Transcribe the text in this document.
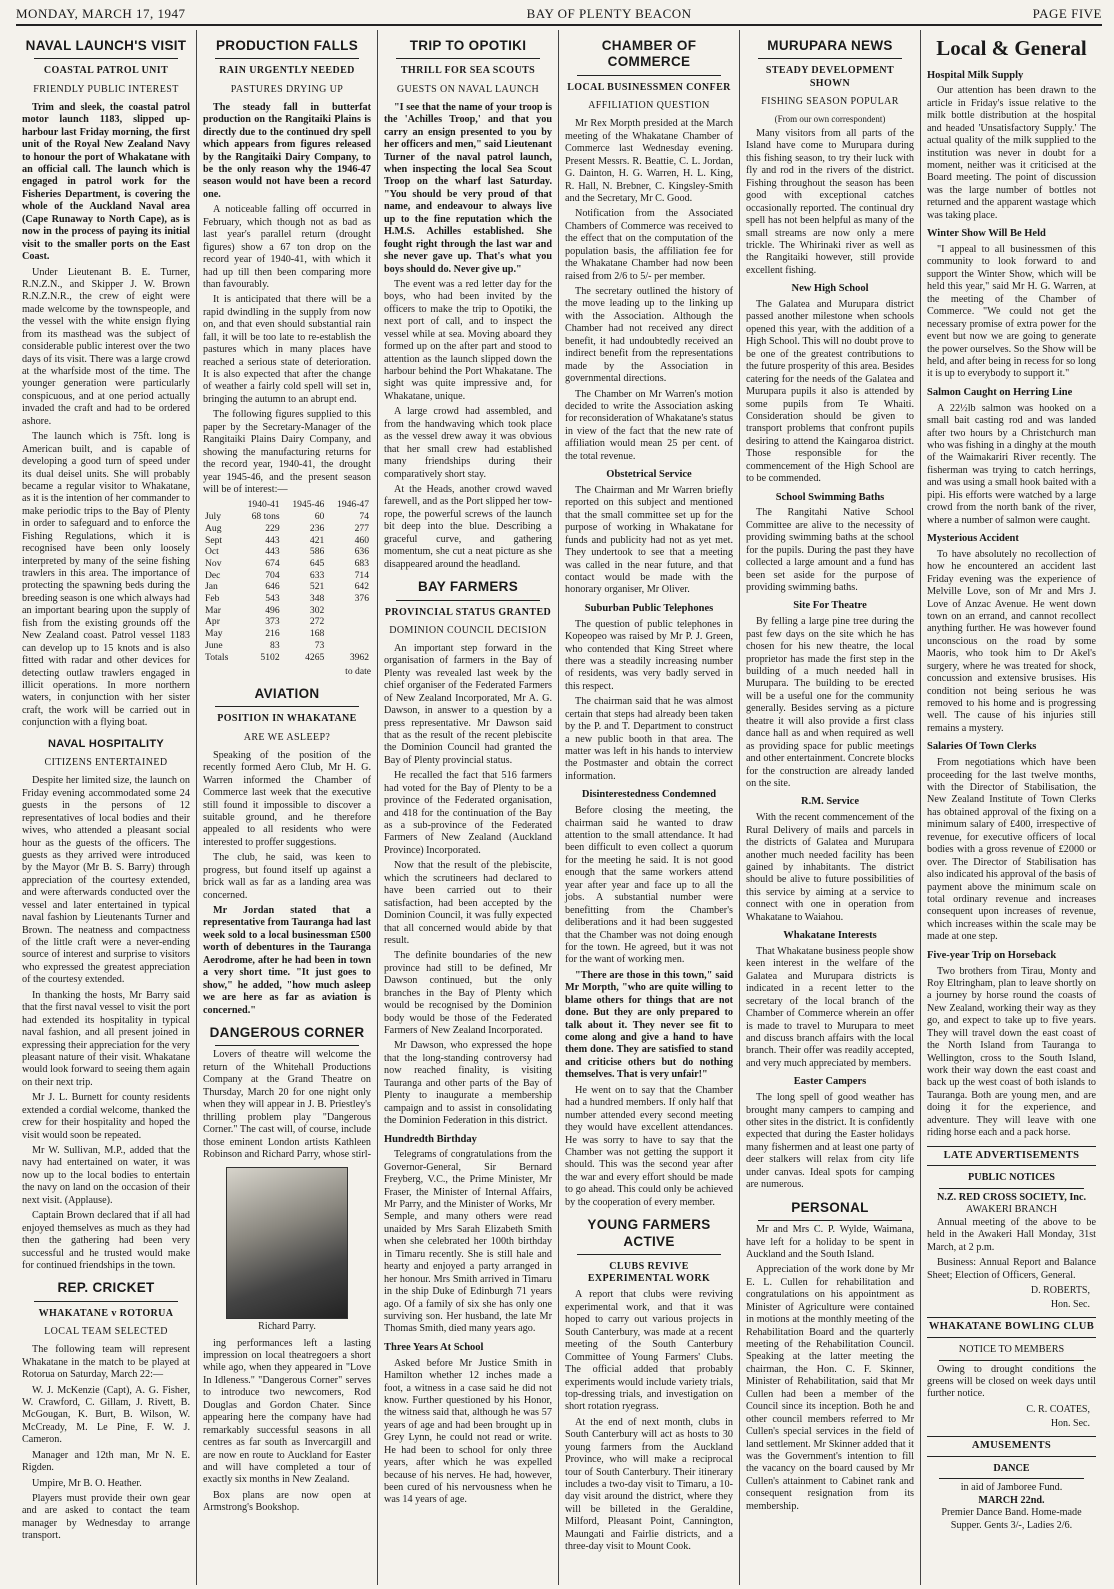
MONDAY, MARCH 17, 1947	BAY OF PLENTY BEACON	PAGE FIVE
NAVAL LAUNCH'S VISIT
COASTAL PATROL UNIT
FRIENDLY PUBLIC INTEREST

Trim and sleek, the coastal patrol motor launch 1183, slipped up-harbour last Friday morning, the first unit of the Royal New Zealand Navy to honour the port of Whakatane with an official call. The launch which is engaged in patrol work for the Fisheries Department, is covering the whole of the Auckland Naval area (Cape Runaway to North Cape), as is now in the process of paying its initial visit to the smaller ports on the East Coast.

Under Lieutenant B. E. Turner, R.N.Z.N., and Skipper J. W. Brown R.N.Z.N.R., the crew of eight were made welcome by the townspeople, and the vessel with the white ensign flying from its masthead was the subject of considerable public interest over the two days of its visit. There was a large crowd at the wharfside most of the time. The younger generation were particularly conspicuous, and at one period actually invaded the craft and had to be ordered ashore.

The launch which is 75ft. long is American built, and is capable of developing a good turn of speed under its dual deisel units. She will probably became a regular visitor to Whakatane, as it is the intention of her commander to make periodic trips to the Bay of Plenty in order to safeguard and to enforce the Fishing Regulations, which it is recognised have been only loosely interpreted by many of the seine fishing trawlers in this area. The importance of protecting the spawning beds during the breeding season is one which always had an important bearing upon the supply of fish from the existing grounds off the New Zealand coast. Patrol vessel 1183 can develop up to 15 knots and is also fitted with radar and other devices for detecting outlaw trawlers engaged in illicit operations. In more northern waters, in conjunction with her sister craft, the work will be carried out in conjunction with a flying boat.

NAVAL HOSPITALITY
CITIZENS ENTERTAINED

Despite her limited size, the launch on Friday evening accommodated some 24 guests in the persons of 12 representatives of local bodies and their wives, who attended a pleasant social hour as the guests of the officers. The guests as they arrived were introduced by the Mayor (Mr B. S. Barry) through appreciation of the courtesy extended, and were afterwards conducted over the vessel and later entertained in typical naval fashion by Lieutenants Turner and Brown. The neatness and compactness of the little craft were a never-ending source of interest and surprise to visitors who expressed the greatest appreciation of the courtesy extended.

In thanking the hosts, Mr Barry said that the first naval vessel to visit the port had extended its hospitality in typical naval fashion, and all present joined in expressing their appreciation for the very pleasant nature of their visit. Whakatane would look forward to seeing them again on their next trip.

Mr J. L. Burnett for county residents extended a cordial welcome, thanked the crew for their hospitality and hoped the visit would soon be repeated.

Mr W. Sullivan, M.P., added that the navy had entertained on water, it was now up to the local bodies to entertain the navy on land on the occasion of their next visit. (Applause).

Captain Brown declared that if all had enjoyed themselves as much as they had then the gathering had been very successful and he trusted would make for continued friendships in the town.

REP. CRICKET
WHAKATANE v ROTORUA
LOCAL TEAM SELECTED

The following team will represent Whakatane in the match to be played at Rotorua on Saturday, March 22:—

W. J. McKenzie (Capt), A. G. Fisher, W. Crawford, C. Gillam, J. Rivett, B. McGougan, K. Burt, B. Wilson, W. McCready, M. Le Pine, F. W. J. Cameron.

Manager and 12th man, Mr N. E. Rigden.

Umpire, Mr B. O. Heather.

Players must provide their own gear and are asked to contact the team manager by Wednesday to arrange transport.

PRODUCTION FALLS
RAIN URGENTLY NEEDED
PASTURES DRYING UP

The steady fall in butterfat production on the Rangitaiki Plains is directly due to the continued dry spell which appears from figures released by the Rangitaiki Dairy Company, to be the only reason why the 1946-47 season would not have been a record one.

A noticeable falling off occurred in February, which though not as bad as last year's parallel return (drought figures) show a 67 ton drop on the record year of 1940-41, with which it had up till then been comparing more than favourably.

It is anticipated that there will be a rapid dwindling in the supply from now on, and that even should substantial rain fall, it will be too late to re-establish the pastures which in many places have reached a serious state of deterioration. It is also expected that after the change of weather a fairly cold spell will set in, bringing the autumn to an abrupt end.

The following figures supplied to this paper by the Secretary-Manager of the Rangitaiki Plains Dairy Company, and showing the manufacturing returns for the record year, 1940-41, the drought year 1945-46, and the present season will be of interest:—

	1940-41	1945-46	1946-47
July	68 tons	60	74
Aug	229	236	277
Sept	443	421	460
Oct	443	586	636
Nov	674	645	683
Dec	704	633	714
Jan	646	521	642
Feb	543	348	376
Mar	496	302	
Apr	373	272	
May	216	168	
June	83	73	
Totals	5102	4265	3962
to date
AVIATION
POSITION IN WHAKATANE
ARE WE ASLEEP?

Speaking of the position of the recently formed Aero Club, Mr H. G. Warren informed the Chamber of Commerce last week that the executive still found it impossible to discover a suitable ground, and he therefore appealed to all residents who were interested to proffer suggestions.

The club, he said, was keen to progress, but found itself up against a brick wall as far as a landing area was concerned.

Mr Jordan stated that a representative from Tauranga had last week sold to a local businessman £500 worth of debentures in the Tauranga Aerodrome, after he had been in town a very short time. "It just goes to show," he added, "how much asleep we are here as far as aviation is concerned."

DANGEROUS CORNER

Lovers of theatre will welcome the return of the Whitehall Productions Company at the Grand Theatre on Thursday, March 20 for one night only when they will appear in J. B. Priestley's thrilling problem play "Dangerous Corner." The cast will, of course, include those eminent London artists Kathleen Robinson and Richard Parry, whose stirl-

Richard Parry.

ing performances left a lasting impression on local theatregoers a short while ago, when they appeared in "Love In Idleness." "Dangerous Corner" serves to introduce two newcomers, Rod Douglas and Gordon Chater. Since appearing here the company have had remarkably successful seasons in all centres as far south as Invercargill and are now en route to Auckland for Easter and will have completed a tour of exactly six months in New Zealand.

Box plans are now open at Armstrong's Bookshop.

TRIP TO OPOTIKI
THRILL FOR SEA SCOUTS
GUESTS ON NAVAL LAUNCH

"I see that the name of your troop is the 'Achilles Troop,' and that you carry an ensign presented to you by her officers and men," said Lieutenant Turner of the naval patrol launch, when inspecting the local Sea Scout Troop on the wharf last Saturday. "You should be very proud of that name, and endeavour to always live up to the fine reputation which the H.M.S. Achilles established. She fought right through the last war and she never gave up. That's what you boys should do. Never give up."

The event was a red letter day for the boys, who had been invited by the officers to make the trip to Opotiki, the next port of call, and to inspect the vessel while at sea. Moving aboard they formed up on the after part and stood to attention as the launch slipped down the harbour behind the Port Whakatane. The sight was quite impressive and, for Whakatane, unique.

A large crowd had assembled, and from the handwaving which took place as the vessel drew away it was obvious that her small crew had established many friendships during their comparatively short stay.

At the Heads, another crowd waved farewell, and as the Port slipped her tow-rope, the powerful screws of the launch bit deep into the blue. Describing a graceful curve, and gathering momentum, she cut a neat picture as she disappeared around the headland.

BAY FARMERS
PROVINCIAL STATUS GRANTED
DOMINION COUNCIL DECISION

An important step forward in the organisation of farmers in the Bay of Plenty was revealed last week by the chief organiser of the Federated Farmers of New Zealand Incorporated, Mr A. G. Dawson, in answer to a question by a press representative. Mr Dawson said that as the result of the recent plebiscite the Dominion Council had granted the Bay of Plenty provincial status.

He recalled the fact that 516 farmers had voted for the Bay of Plenty to be a province of the Federated organisation, and 418 for the continuation of the Bay as a sub-province of the Federated Farmers of New Zealand (Auckland Province) Incorporated.

Now that the result of the plebiscite, which the scrutineers had declared to have been carried out to their satisfaction, had been accepted by the Dominion Council, it was fully expected that all concerned would abide by that result.

The definite boundaries of the new province had still to be defined, Mr Dawson continued, but the only branches in the Bay of Plenty which would be recognised by the Dominion body would be those of the Federated Farmers of New Zealand Incorporated.

Mr Dawson, who expressed the hope that the long-standing controversy had now reached finality, is visiting Tauranga and other parts of the Bay of Plenty to inaugurate a membership campaign and to assist in consolidating the Dominion Federation in this district.

Hundredth Birthday

Telegrams of congratulations from the Governor-General, Sir Bernard Freyberg, V.C., the Prime Minister, Mr Fraser, the Minister of Internal Affairs, Mr Parry, and the Minister of Works, Mr Semple, and many others were read unaided by Mrs Sarah Elizabeth Smith when she celebrated her 100th birthday in Timaru recently. She is still hale and hearty and enjoyed a party arranged in her honour. Mrs Smith arrived in Timaru in the ship Duke of Edinburgh 71 years ago. Of a family of six she has only one surviving son. Her husband, the late Mr Thomas Smith, died many years ago.

Three Years At School

Asked before Mr Justice Smith in Hamilton whether 12 inches made a foot, a witness in a case said he did not know. Further questioned by his Honor, the witness said that, although he was 57 years of age and had been brought up in Grey Lynn, he could not read or write. He had been to school for only three years, after which he was expelled because of his nerves. He had, however, been cured of his nervousness when he was 14 years of age.

CHAMBER OF COMMERCE
LOCAL BUSINESSMEN CONFER
AFFILIATION QUESTION

Mr Rex Morpth presided at the March meeting of the Whakatane Chamber of Commerce last Wednesday evening. Present Messrs. R. Beattie, C. L. Jordan, G. Dainton, H. G. Warren, H. L. King, R. Hall, N. Brebner, C. Kingsley-Smith and the Secretary, Mr C. Good.

Notification from the Associated Chambers of Commerce was received to the effect that on the computation of the population basis, the affiliation fee for the Whakatane Chamber had now been raised from 2/6 to 5/- per member.

The secretary outlined the history of the move leading up to the linking up with the Association. Although the Chamber had not received any direct benefit, it had undoubtedly received an indirect benefit from the representations made by the Association in governmental directions.

The Chamber on Mr Warren's motion decided to write the Association asking for reconsideration of Whakatane's status in view of the fact that the new rate of affiliation would mean 25 per cent. of the total revenue.

Obstetrical Service

The Chairman and Mr Warren briefly reported on this subject and mentioned that the small committee set up for the purpose of working in Whakatane for funds and publicity had not as yet met. They undertook to see that a meeting was called in the near future, and that contact would be made with the honorary organiser, Mr Oliver.

Suburban Public Telephones

The question of public telephones in Kopeopeo was raised by Mr P. J. Green, who contended that King Street where there was a steadily increasing number of residents, was very badly served in this respect.

The chairman said that he was almost certain that steps had already been taken by the P. and T. Department to construct a new public booth in that area. The matter was left in his hands to interview the Postmaster and obtain the correct information.

Disinterestedness Condemned

Before closing the meeting, the chairman said he wanted to draw attention to the small attendance. It had been difficult to even collect a quorum for the meeting he said. It is not good enough that the same workers attend year after year and face up to all the jobs. A substantial number were benefitting from the Chamber's deliberations and it had been suggested that the Chamber was not doing enough for the town. He agreed, but it was not for the want of working men.

"There are those in this town," said Mr Morpth, "who are quite willing to blame others for things that are not done. But they are only prepared to talk about it. They never see fit to come along and give a hand to have them done. They are satisfied to stand and criticise others but do nothing themselves. That is very unfair!"

He went on to say that the Chamber had a hundred members. If only half that number attended every second meeting they would have excellent attendances. He was sorry to have to say that the Chamber was not getting the support it should. This was the second year after the war and every effort should be made to go ahead. This could only be achieved by the cooperation of every member.

YOUNG FARMERS ACTIVE
CLUBS REVIVE EXPERIMENTAL WORK

A report that clubs were reviving experimental work, and that it was hoped to carry out various projects in South Canterbury, was made at a recent meeting of the South Canterbury Committee of Young Farmers' Clubs. The official added that probably experiments would include variety trials, top-dressing trials, and investigation on short rotation ryegrass.

At the end of next month, clubs in South Canterbury will act as hosts to 30 young farmers from the Auckland Province, who will make a reciprocal tour of South Canterbury. Their itinerary includes a two-day visit to Timaru, a 10-day visit around the district, where they will be billeted in the Geraldine, Milford, Pleasant Point, Cannington, Maungati and Fairlie districts, and a three-day visit to Mount Cook.

MURUPARA NEWS
STEADY DEVELOPMENT SHOWN
FISHING SEASON POPULAR
(From our own correspondent)

Many visitors from all parts of the Island have come to Murupara during this fishing season, to try their luck with fly and rod in the rivers of the district. Fishing throughout the season has been good with exceptional catches occasionally reported. The continual dry spell has not been helpful as many of the small streams are now only a mere trickle. The Whirinaki river as well as the Rangitaiki however, still provide excellent fishing.

New High School

The Galatea and Murupara district passed another milestone when schools opened this year, with the addition of a High School. This will no doubt prove to be one of the greatest contributions to the future prosperity of this area. Besides catering for the needs of the Galatea and Murupara pupils it also is attended by some pupils from Te Whaiti. Consideration should be given to transport problems that confront pupils desiring to attend the Kaingaroa district. Those responsible for the commencement of the High School are to be commended.

School Swimming Baths

The Rangitahi Native School Committee are alive to the necessity of providing swimming baths at the school for the pupils. During the past they have collected a large amount and a fund has been set aside for the purpose of providing swimming baths.

Site For Theatre

By felling a large pine tree during the past few days on the site which he has chosen for his new theatre, the local proprietor has made the first step in the building of a much needed hall in Murupara. The building to be erected will be a useful one for the community generally. Besides serving as a picture theatre it will also provide a first class dance hall as and when required as well as providing space for public meetings and other entertainment. Concrete blocks for the construction are already landed on the site.

R.M. Service

With the recent commencement of the Rural Delivery of mails and parcels in the districts of Galatea and Murupara another much needed facility has been gained by inhabitants. The district should be alive to future possibilities of this service by aiming at a service to connect with one in operation from Whakatane to Waiahou.

Whakatane Interests

That Whakatane business people show keen interest in the welfare of the Galatea and Murupara districts is indicated in a recent letter to the secretary of the local branch of the Chamber of Commerce wherein an offer is made to travel to Murupara to meet and discuss branch affairs with the local branch. Their offer was readily accepted, and very much appreciated by members.

Easter Campers

The long spell of good weather has brought many campers to camping and other sites in the district. It is confidently expected that during the Easter holidays many fishermen and at least one party of deer stalkers will relax from city life under canvas. Ideal spots for camping are numerous.

PERSONAL

Mr and Mrs C. P. Wylde, Waimana, have left for a holiday to be spent in Auckland and the South Island.

Appreciation of the work done by Mr E. L. Cullen for rehabilitation and congratulations on his appointment as Minister of Agriculture were contained in motions at the monthly meeting of the Rehabilitation Board and the quarterly meeting of the Rehabilitation Council. Speaking at the latter meeting the chairman, the Hon. C. F. Skinner, Minister of Rehabilitation, said that Mr Cullen had been a member of the Council since its inception. Both he and other council members referred to Mr Cullen's special services in the field of land settlement. Mr Skinner added that it was the Government's intention to fill the vacancy on the board caused by Mr Cullen's attainment to Cabinet rank and consequent resignation from its membership.

Local & General
Hospital Milk Supply

Our attention has been drawn to the article in Friday's issue relative to the milk bottle distribution at the hospital and headed 'Unsatisfactory Supply.' The actual quality of the milk supplied to the institution was never in doubt for a moment, neither was it criticised at the Board meeting. The point of discussion was the large number of bottles not returned and the apparent wastage which was taking place.

Winter Show Will Be Held

"I appeal to all businessmen of this community to look forward to and support the Winter Show, which will be held this year," said Mr H. G. Warren, at the meeting of the Chamber of Commerce. "We could not get the necessary promise of extra power for the event but now we are going to generate the power ourselves. So the Show will be held, and after being in recess for so long it is up to everybody to support it."

Salmon Caught on Herring Line

A 22½lb salmon was hooked on a small bait casting rod and was landed after two hours by a Christchurch man who was fishing in a dinghy at the mouth of the Waimakariri River recently. The fisherman was trying to catch herrings, and was using a small hook baited with a pipi. His efforts were watched by a large crowd from the north bank of the river, where a number of salmon were caught.

Mysterious Accident

To have absolutely no recollection of how he encountered an accident last Friday evening was the experience of Melville Love, son of Mr and Mrs J. Love of Anzac Avenue. He went down town on an errand, and cannot recollect anything further. He was however found unconscious on the road by some Maoris, who took him to Dr Akel's surgery, where he was treated for shock, concussion and extensive brusises. His condition not being serious he was removed to his home and is progressing well. The cause of his injuries still remains a mystery.

Salaries Of Town Clerks

From negotiations which have been proceeding for the last twelve months, with the Director of Stabilisation, the New Zealand Institute of Town Clerks has obtained approval of the fixing on a minimum salary of £400, irrespective of revenue, for executive officers of local bodies with a gross revenue of £2000 or over. The Director of Stabilisation has also indicated his approval of the basis of payment above the minimum scale on total ordinary revenue and increases consequent upon increases of revenue, which increases within the scale may be made at one step.

Five-year Trip on Horseback

Two brothers from Tirau, Monty and Roy Eltringham, plan to leave shortly on a journey by horse round the coasts of New Zealand, working their way as they go, and expect to take up to five years. They will travel down the east coast of the North Island from Tauranga to Wellington, cross to the South Island, work their way down the east coast and back up the west coast of both islands to Tauranga. Both are young men, and are doing it for the experience, and adventure. They will leave with one riding horse each and a pack horse.

LATE ADVERTISEMENTS
PUBLIC NOTICES
N.Z. RED CROSS SOCIETY, Inc.
AWAKERI BRANCH

Annual meeting of the above to be held in the Awakeri Hall Monday, 31st March, at 2 p.m.

Business: Annual Report and Balance Sheet; Election of Officers, General.

D. ROBERTS,
Hon. Sec.
WHAKATANE BOWLING CLUB
NOTICE TO MEMBERS

Owing to drought conditions the greens will be closed on week days until further notice.

C. R. COATES,
Hon. Sec.
AMUSEMENTS
DANCE
in aid of Jamboree Fund.
MARCH 22nd.
Premier Dance Band. Home-made Supper. Gents 3/-, Ladies 2/6.
